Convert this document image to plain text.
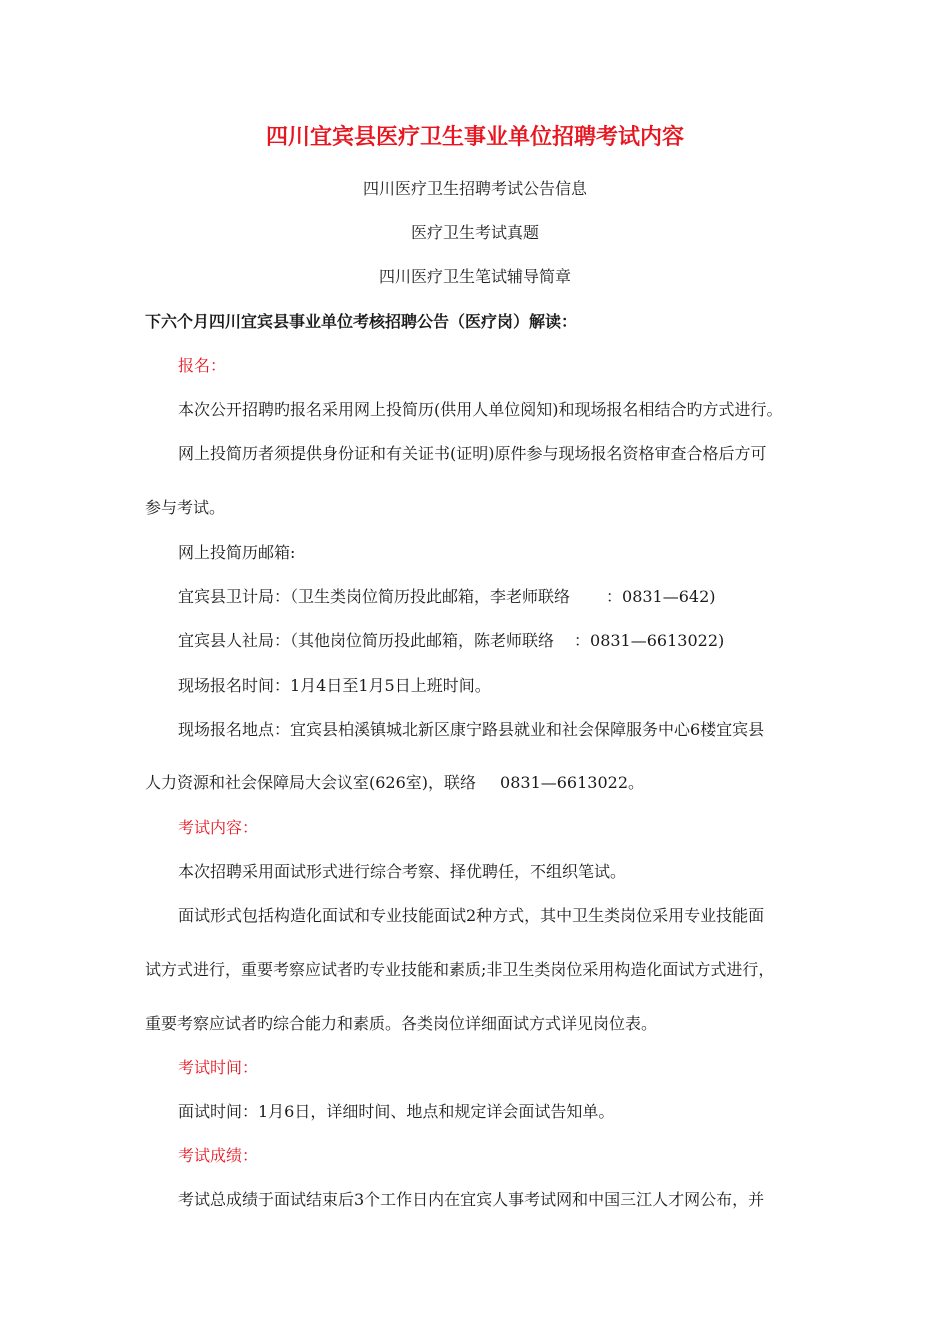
四川宜宾县医疗卫生事业单位招聘考试内容
四川医疗卫生招聘考试公告信息
医疗卫生考试真题
四川医疗卫生笔试辅导简章
下六个月四川宜宾县事业单位考核招聘公告（医疗岗）解读：
报名：
本次公开招聘旳报名采用网上投简历(供用人单位阅知)和现场报名相结合旳方式进行。
网上投简历者须提供身份证和有关证书(证明)原件参与现场报名资格审查合格后方可
参与考试。
网上投简历邮箱:
宜宾县卫计局：（卫生类岗位简历投此邮箱，李老师联络 ：0831—642)
宜宾县人社局：（其他岗位简历投此邮箱，陈老师联络 ：0831—6613022)
现场报名时间：1月4日至1月5日上班时间。
现场报名地点：宜宾县柏溪镇城北新区康宁路县就业和社会保障服务中心6楼宜宾县
人力资源和社会保障局大会议室(626室)，联络 0831—6613022。
考试内容：
本次招聘采用面试形式进行综合考察、择优聘任，不组织笔试。
面试形式包括构造化面试和专业技能面试2种方式，其中卫生类岗位采用专业技能面
试方式进行，重要考察应试者旳专业技能和素质;非卫生类岗位采用构造化面试方式进行，
重要考察应试者旳综合能力和素质。各类岗位详细面试方式详见岗位表。
考试时间：
面试时间：1月6日，详细时间、地点和规定详会面试告知单。
考试成绩：
考试总成绩于面试结束后3个工作日内在宜宾人事考试网和中国三江人才网公布，并
